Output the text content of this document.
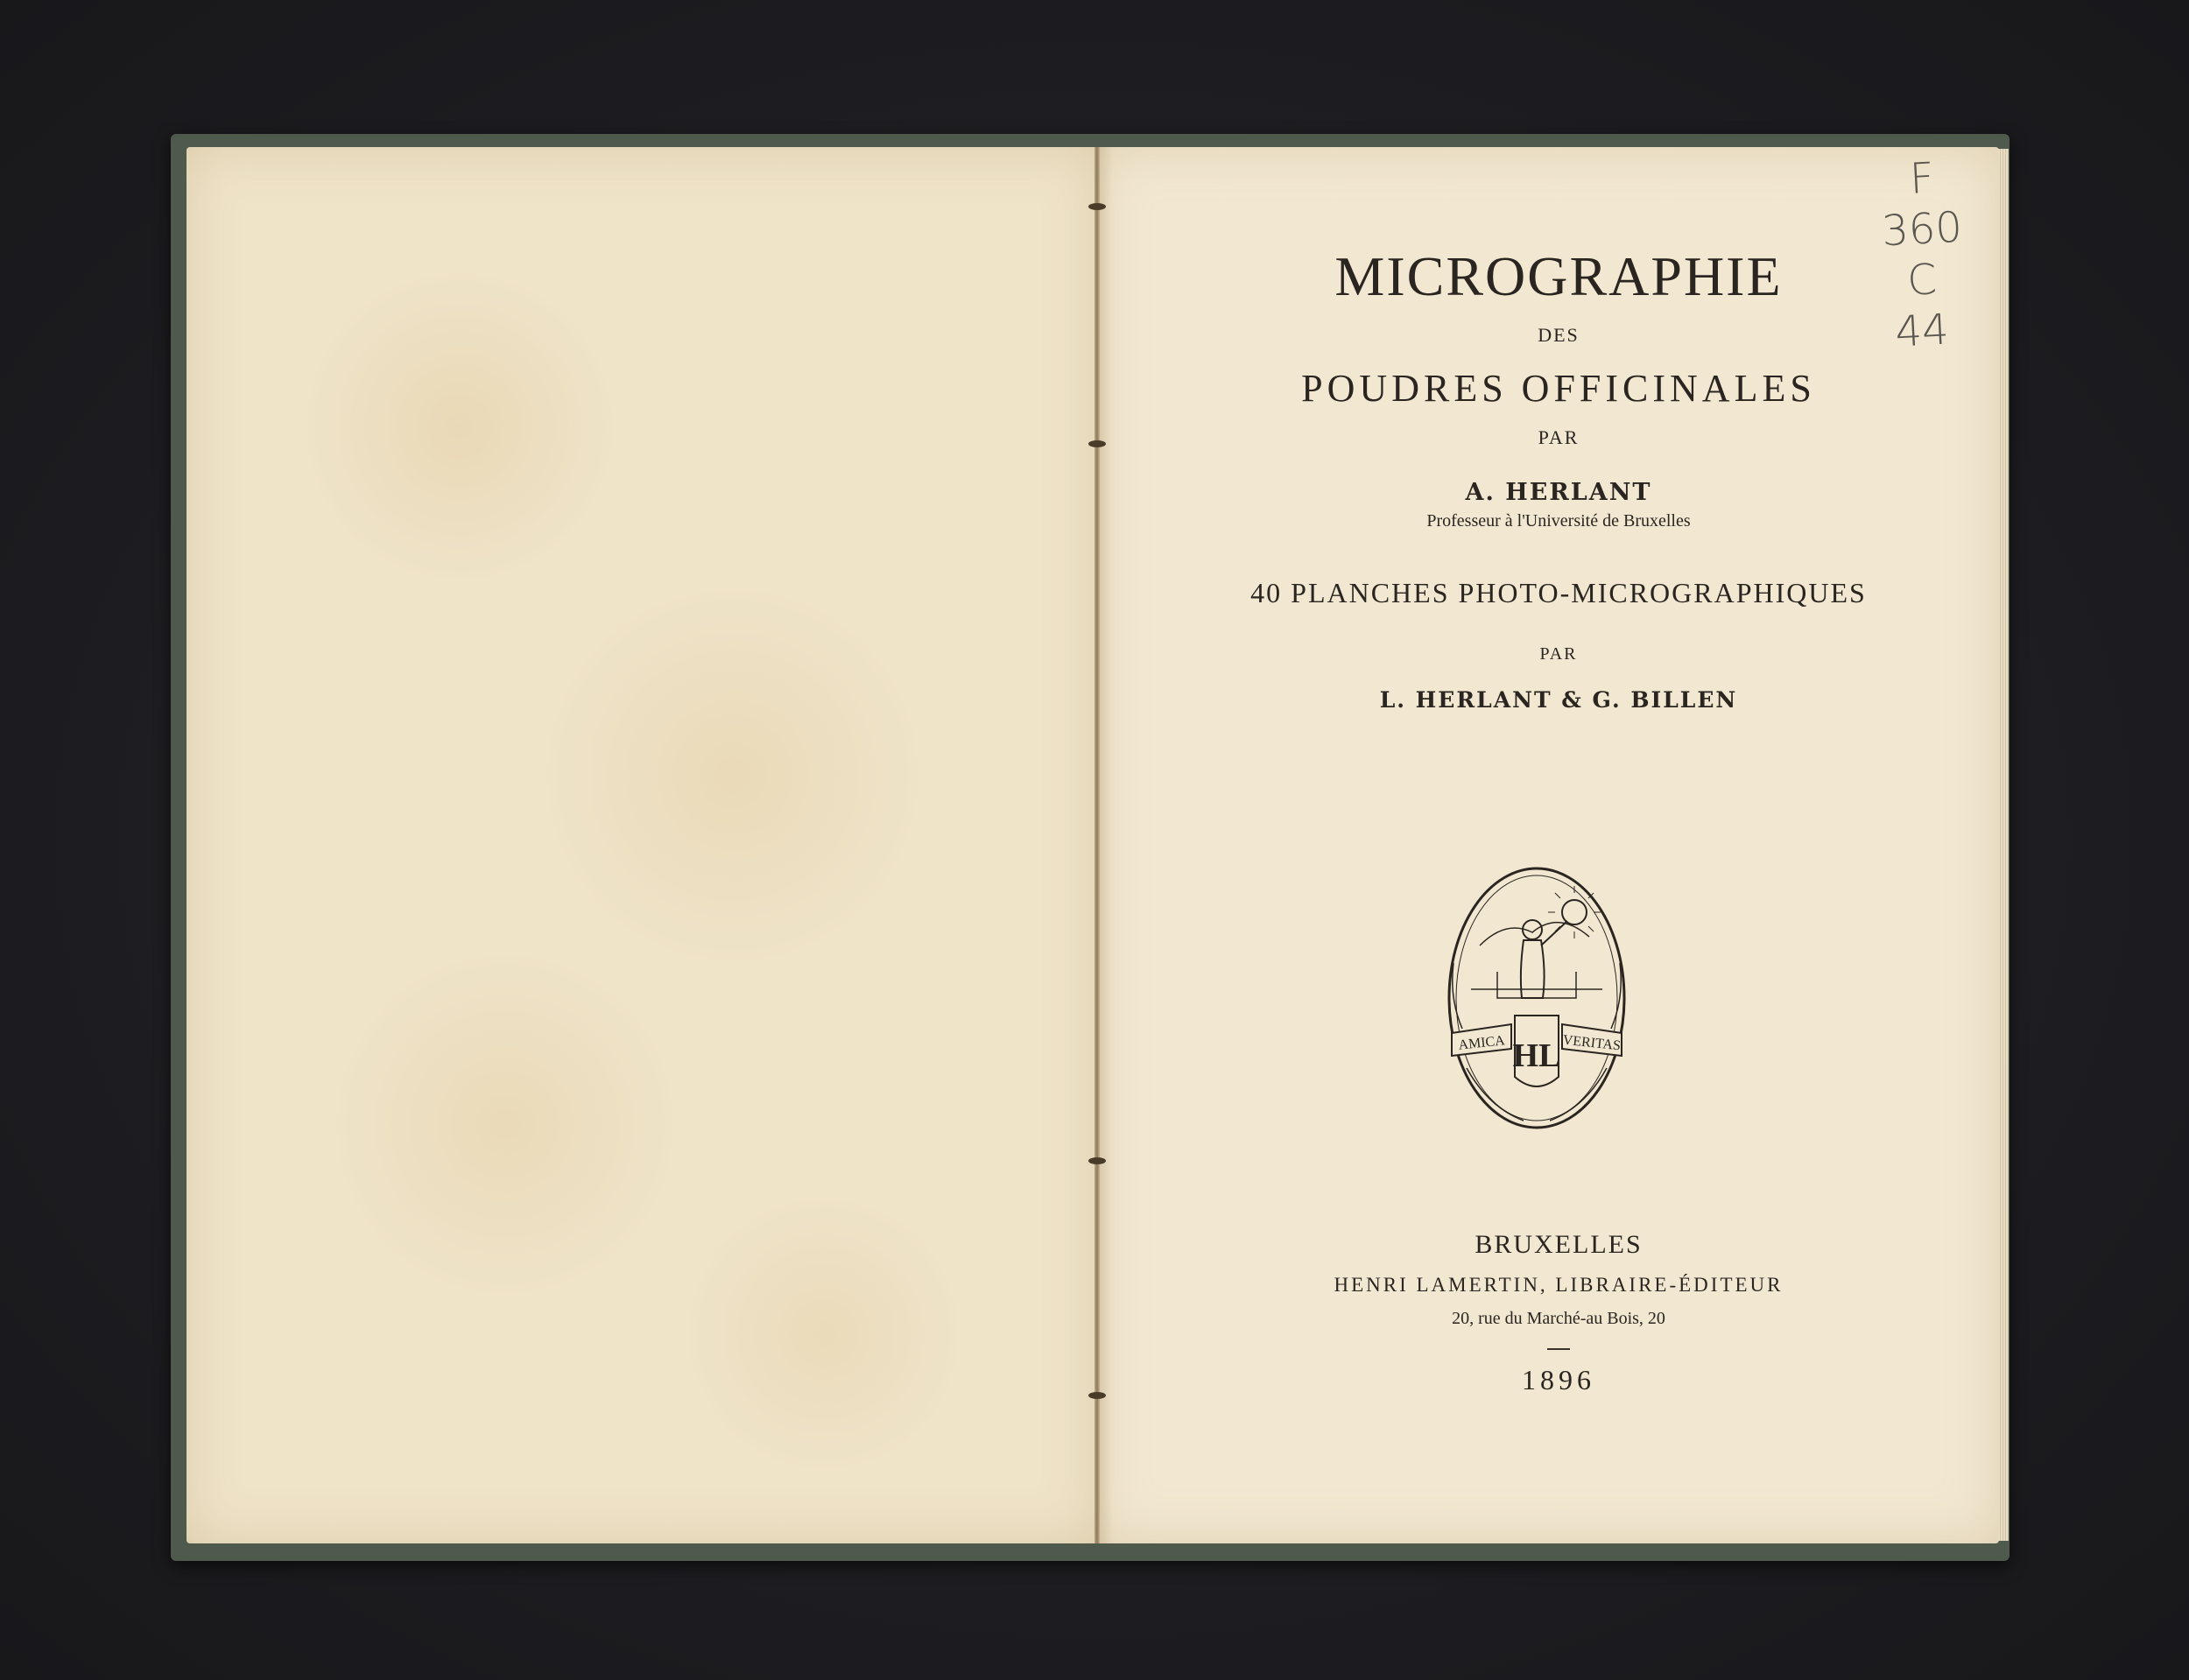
F
360
C
44
MICROGRAPHIE
DES
POUDRES OFFICINALES
PAR
A. HERLANT
Professeur à l'Université de Bruxelles
40 PLANCHES PHOTO-MICROGRAPHIQUES
PAR
L. HERLANT & G. BILLEN
AMICA	VERITAS
HL
BRUXELLES
HENRI LAMERTIN, LIBRAIRE-ÉDITEUR
20, rue du Marché-au Bois, 20
1896
